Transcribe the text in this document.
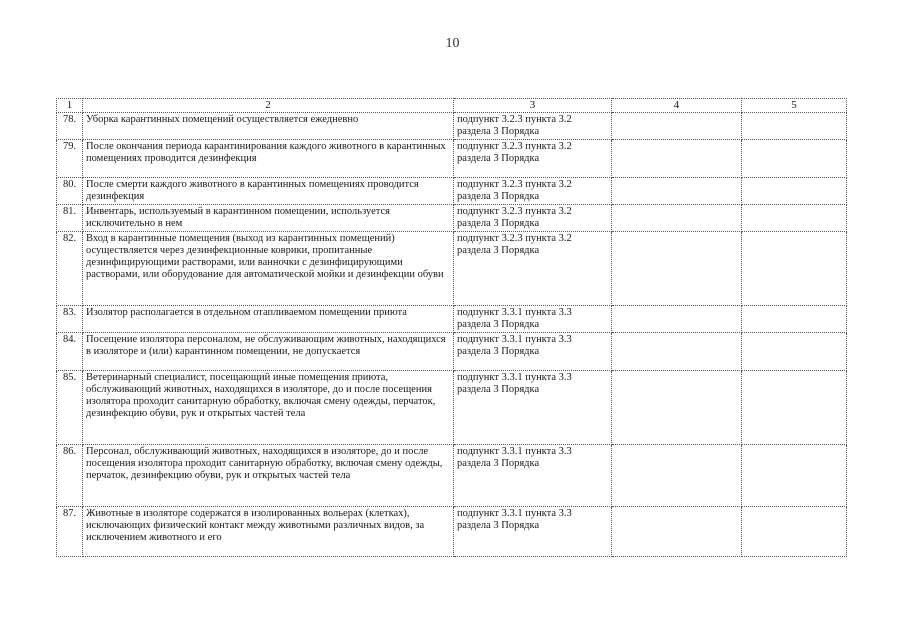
10
1	2	3	4	5
78.	Уборка карантинных помещений осуществляется ежедневно	подпункт 3.2.3 пункта 3.2 раздела 3 Порядка		
79.	После окончания периода карантинирования каждого животного в карантинных помещениях проводится дезинфекция	подпункт 3.2.3 пункта 3.2 раздела 3 Порядка		
80.	После смерти каждого животного в карантинных помещениях проводится дезинфекция	подпункт 3.2.3 пункта 3.2 раздела 3 Порядка		
81.	Инвентарь, используемый в карантинном помещении, используется исключительно в нем	подпункт 3.2.3 пункта 3.2 раздела 3 Порядка		
82.	Вход в карантинные помещения (выход из карантинных помещений) осуществляется через дезинфекционные коврики, пропитанные дезинфицирующими растворами, или ванночки с дезинфицирующими растворами, или оборудование для автоматической мойки и дезинфекции обуви	подпункт 3.2.3 пункта 3.2 раздела 3 Порядка		
83.	Изолятор располагается в отдельном отапливаемом помещении приюта	подпункт 3.3.1 пункта 3.3 раздела 3 Порядка		
84.	Посещение изолятора персоналом, не обслуживающим животных, находящихся в изоляторе и (или) карантинном помещении, не допускается	подпункт 3.3.1 пункта 3.3 раздела 3 Порядка		
85.	Ветеринарный специалист, посещающий иные помещения приюта, обслуживающий животных, находящихся в изоляторе, до и после посещения изолятора проходит санитарную обработку, включая смену одежды, перчаток, дезинфекцию обуви, рук и открытых частей тела	подпункт 3.3.1 пункта 3.3 раздела 3 Порядка		
86.	Персонал, обслуживающий животных, находящихся в изоляторе, до и после посещения изолятора проходит санитарную обработку, включая смену одежды, перчаток, дезинфекцию обуви, рук и открытых частей тела	подпункт 3.3.1 пункта 3.3 раздела 3 Порядка		
87.	Животные в изоляторе содержатся в изолированных вольерах (клетках), исключающих физический контакт между животными различных видов, за исключением животного и его	подпункт 3.3.1 пункта 3.3 раздела 3 Порядка		
